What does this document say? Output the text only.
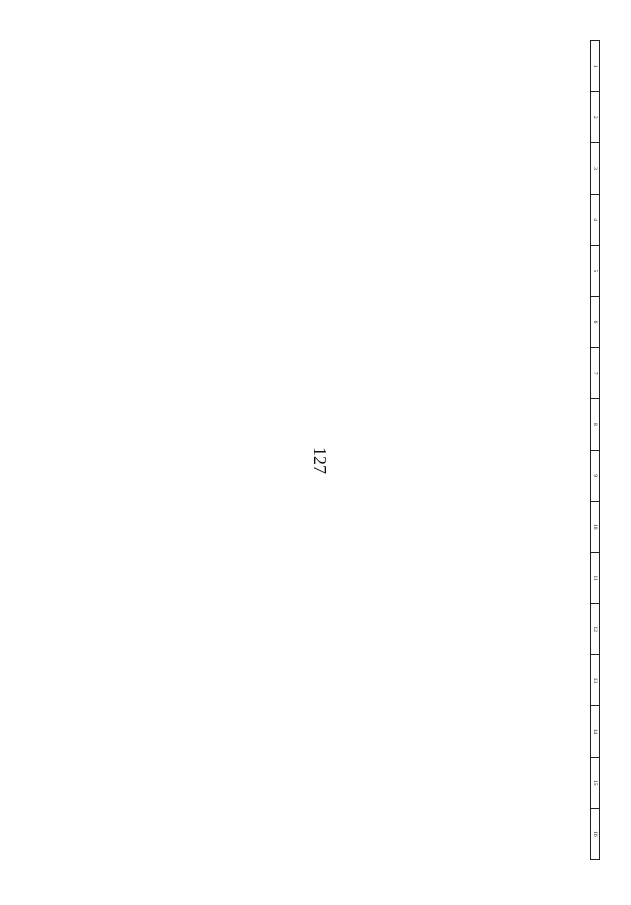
127
1	2	3	4	5	6	7	8	9	10	11	12	13	14	15	16
